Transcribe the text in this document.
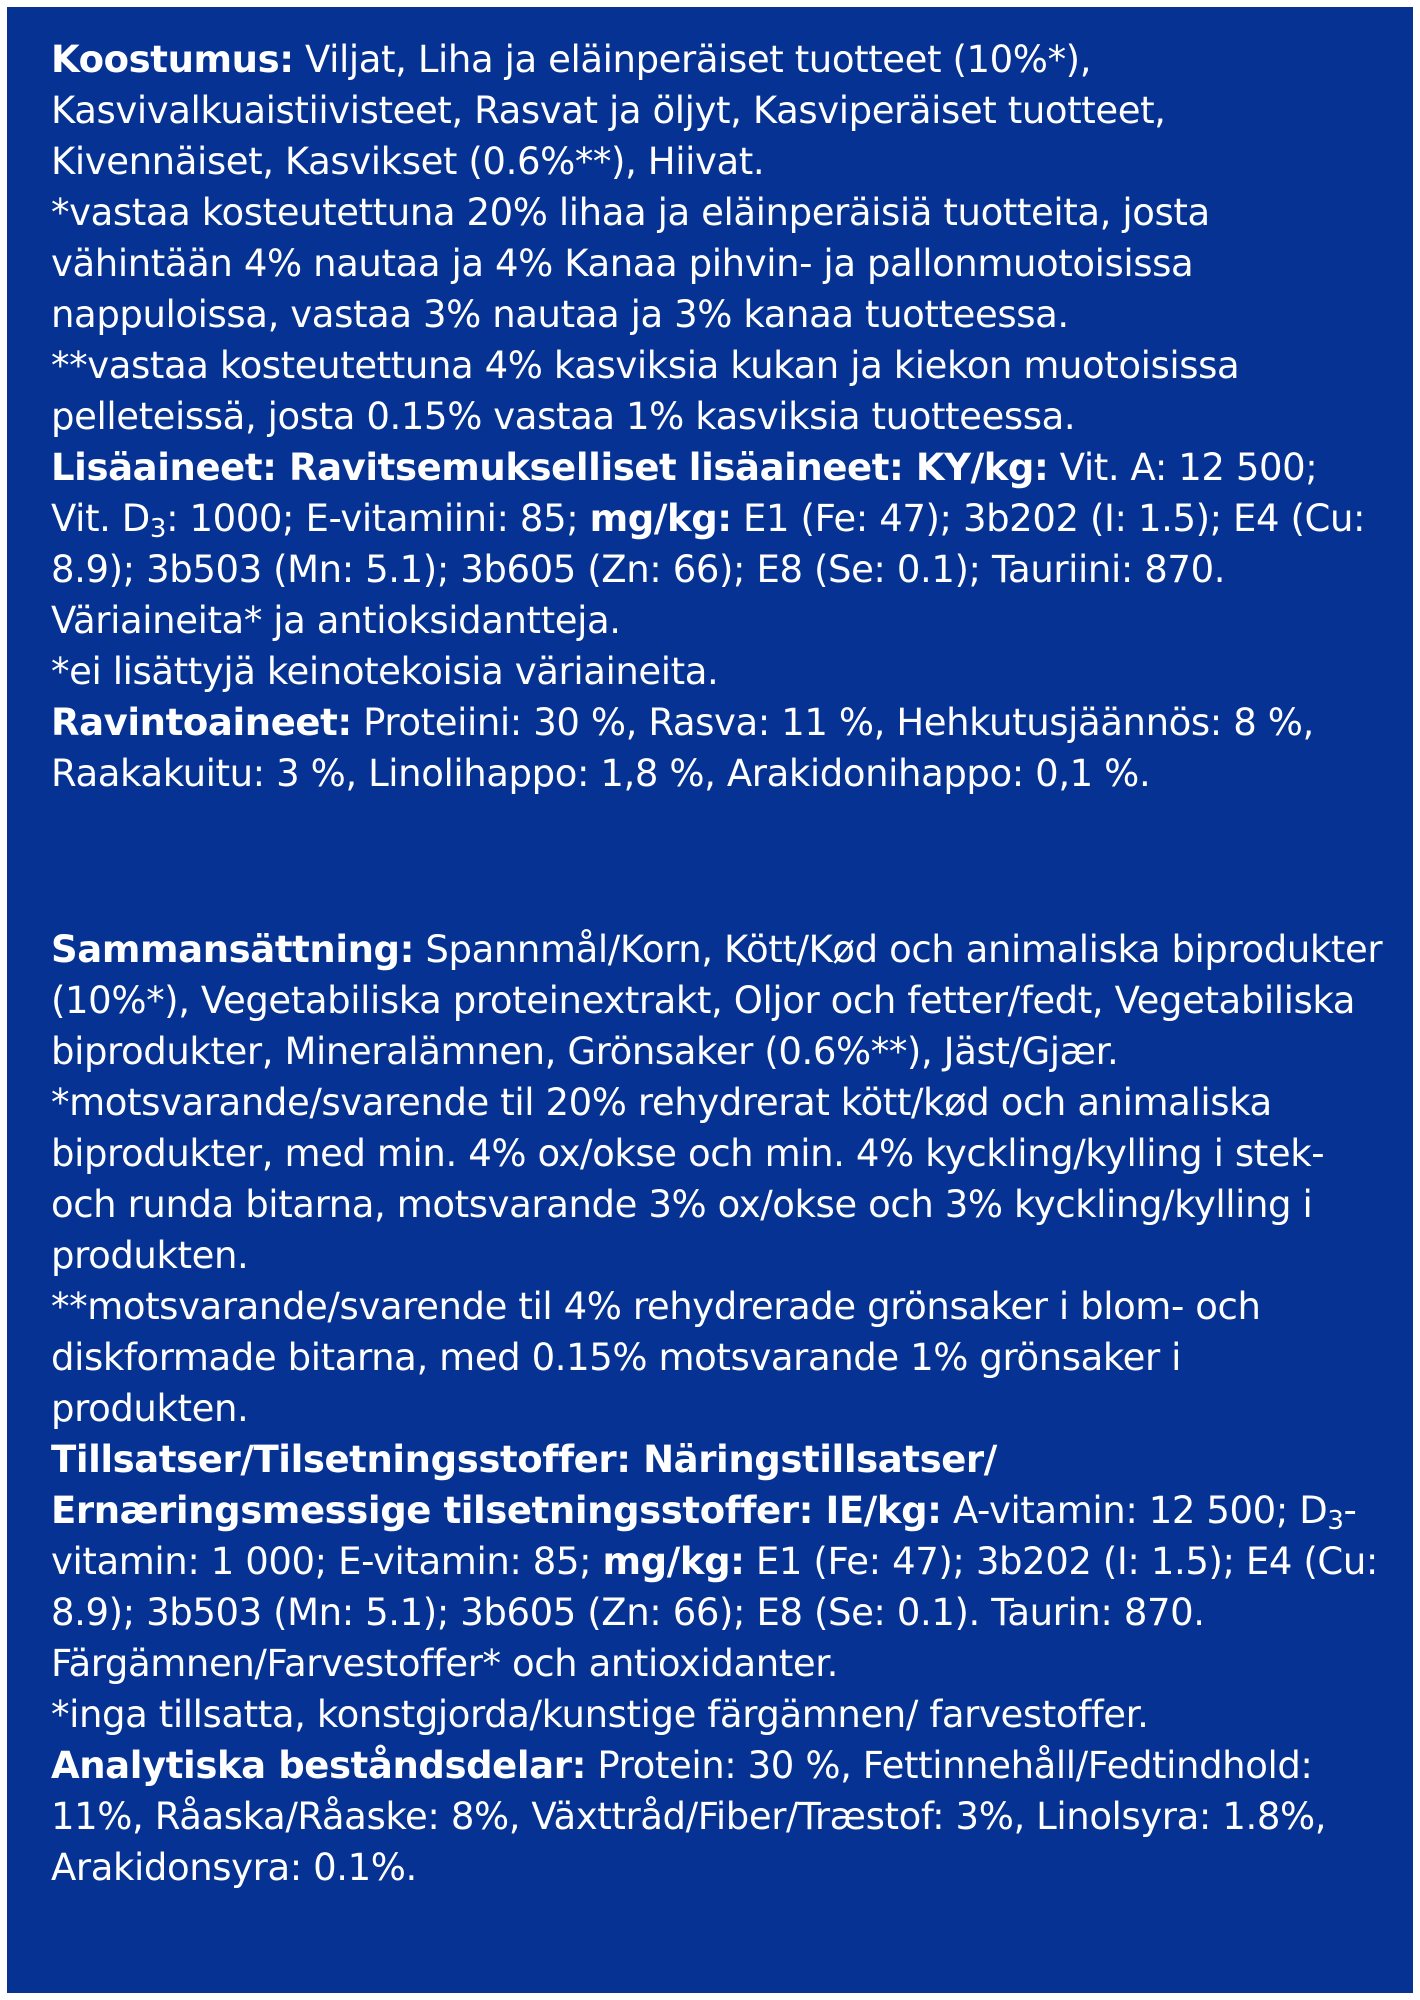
Koostumus: Viljat, Liha ja eläinperäiset tuotteet (10%*), Kasvivalkuaistiivisteet, Rasvat ja öljyt, Kasviperäiset tuotteet, Kivennäiset, Kasvikset (0.6%**), Hiivat.

*vastaa kosteutettuna 20% lihaa ja eläinperäisiä tuotteita, josta vähintään 4% nautaa ja 4% Kanaa pihvin- ja pallonmuotoisissa nappuloissa, vastaa 3% nautaa ja 3% kanaa tuotteessa.

**vastaa kosteutettuna 4% kasviksia kukan ja kiekon muotoisissa pelleteissä, josta 0.15% vastaa 1% kasviksia tuotteessa.

Lisäaineet: Ravitsemukselliset lisäaineet: KY/kg: Vit. A: 12 500; Vit. $D_3$: 1000; E-vitamiini: 85; mg/kg: E1 (Fe: 47); 3b202 (I: 1.5); E4 (Cu: 8.9); 3b503 (Mn: 5.1); 3b605 (Zn: 66); E8 (Se: 0.1); Tauriini: 870. Väriaineita* ja antioksidantteja.

*ei lisättyjä keinotekoisia väriaineita.

Ravintoaineet: Proteiini: 30 %, Rasva: 11 %, Hehkutusjäännös: 8 %, Raakakuitu: 3 %, Linolihappo: 1,8 %, Arakidonihappo: 0,1 %.

Sammansättning: Spannmål/Korn, Kött/Kød och animaliska biprodukter (10%*), Vegetabiliska proteinextrakt, Oljor och fetter/fedt, Vegetabiliska biprodukter, Mineralämnen, Grönsaker (0.6%**), Jäst/Gjær.

*motsvarande/svarende til 20% rehydrerat kött/kød och animaliska biprodukter, med min. 4% ox/okse och min. 4% kyckling/kylling i stek- och runda bitarna, motsvarande 3% ox/okse och 3% kyckling/kylling i produkten.

**motsvarande/svarende til 4% rehydrerade grönsaker i blom- och diskformade bitarna, med 0.15% motsvarande 1% grönsaker i produkten.

Tillsatser/Tilsetningsstoffer: Näringstillsatser/ Ernæringsmessige tilsetningsstoffer: IE/kg: A-vitamin: 12 500; $D_3$-vitamin: 1 000; E-vitamin: 85; mg/kg: E1 (Fe: 47); 3b202 (I: 1.5); E4 (Cu: 8.9); 3b503 (Mn: 5.1); 3b605 (Zn: 66); E8 (Se: 0.1). Taurin: 870. Färgämnen/Farvestoffer* och antioxidanter.

*inga tillsatta, konstgjorda/kunstige färgämnen/ farvestoffer.

Analytiska beståndsdelar: Protein: 30 %, Fettinnehåll/Fedtindhold: 11%, Råaska/Råaske: 8%, Växttråd/Fiber/Træstof: 3%, Linolsyra: 1.8%, Arakidonsyra: 0.1%.
